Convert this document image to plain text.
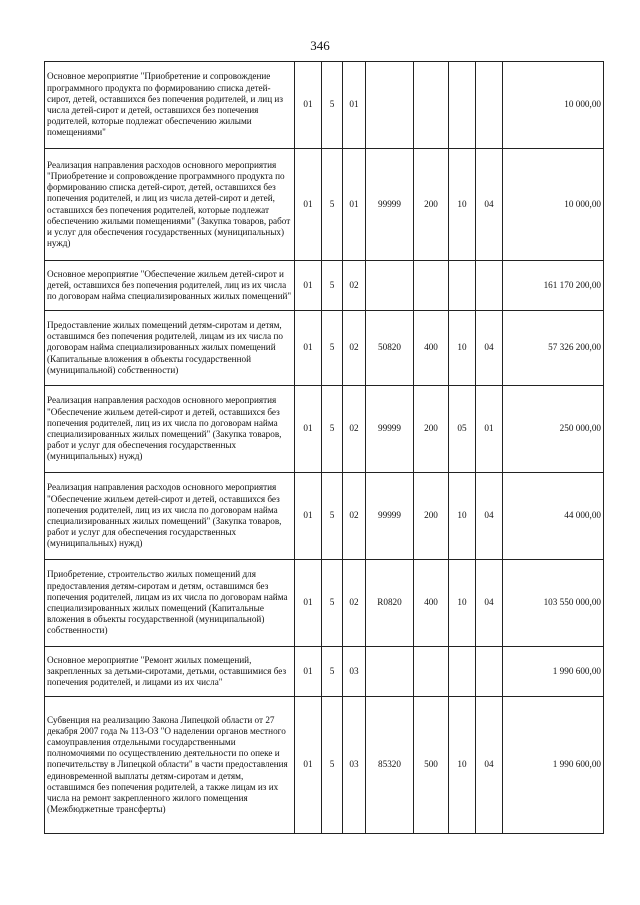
346
Основное мероприятие "Приобретение и сопровождение программного продукта по формированию списка детей-сирот, детей, оставшихся без попечения родителей, и лиц из числа детей-сирот и детей, оставшихся без попечения родителей, которые подлежат обеспечению жилыми помещениями"	01	5	01					10 000,00
Реализация направления расходов основного мероприятия "Приобретение и сопровождение программного продукта по формированию списка детей-сирот, детей, оставшихся без попечения родителей, и лиц из числа детей-сирот и детей, оставшихся без попечения родителей, которые подлежат обеспечению жилыми помещениями" (Закупка товаров, работ и услуг для обеспечения государственных (муниципальных) нужд)	01	5	01	99999	200	10	04	10 000,00
Основное мероприятие "Обеспечение жильем детей-сирот и детей, оставшихся без попечения родителей, лиц из их числа по договорам найма специализированных жилых помещений"	01	5	02					161 170 200,00
Предоставление жилых помещений детям-сиротам и детям, оставшимся без попечения родителей, лицам из их числа по договорам найма специализированных жилых помещений (Капитальные вложения в объекты государственной (муниципальной) собственности)	01	5	02	50820	400	10	04	57 326 200,00
Реализация направления расходов основного мероприятия "Обеспечение жильем детей-сирот и детей, оставшихся без попечения родителей, лиц из их числа по договорам найма специализированных жилых помещений" (Закупка товаров, работ и услуг для обеспечения государственных (муниципальных) нужд)	01	5	02	99999	200	05	01	250 000,00
Реализация направления расходов основного мероприятия "Обеспечение жильем детей-сирот и детей, оставшихся без попечения родителей, лиц из их числа по договорам найма специализированных жилых помещений" (Закупка товаров, работ и услуг для обеспечения государственных (муниципальных) нужд)	01	5	02	99999	200	10	04	44 000,00
Приобретение, строительство жилых помещений для предоставления детям-сиротам и детям, оставшимся без попечения родителей, лицам из их числа по договорам найма специализированных жилых помещений (Капитальные вложения в объекты государственной (муниципальной) собственности)	01	5	02	R0820	400	10	04	103 550 000,00
Основное мероприятие "Ремонт жилых помещений, закрепленных за детьми-сиротами, детьми, оставшимися без попечения родителей, и лицами из их числа"	01	5	03					1 990 600,00
Субвенция на реализацию Закона Липецкой области от 27 декабря 2007 года № 113-ОЗ "О наделении органов местного самоуправления отдельными государственными полномочиями по осуществлению деятельности по опеке и попечительству в Липецкой области" в части предоставления единовременной выплаты детям-сиротам и детям, оставшимся без попечения родителей, а также лицам из их числа на ремонт закрепленного жилого помещения (Межбюджетные трансферты)	01	5	03	85320	500	10	04	1 990 600,00
